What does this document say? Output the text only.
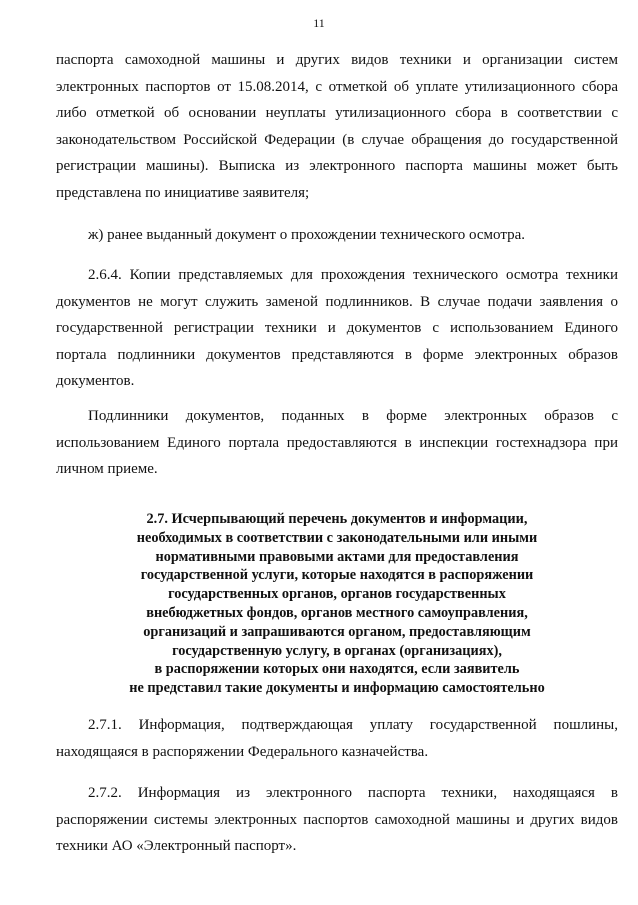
11
паспорта самоходной машины и других видов техники и организации систем
электронных паспортов от 15.08.2014, с отметкой об уплате утилизационного сбора
либо отметкой об основании неуплаты утилизационного сбора в соответствии с
законодательством Российской Федерации (в случае обращения до государственной
регистрации машины). Выписка из электронного паспорта машины может быть
представлена по инициативе заявителя;
ж) ранее выданный документ о прохождении технического осмотра.
2.6.4. Копии представляемых для прохождения технического осмотра техники
документов не могут служить заменой подлинников. В случае подачи заявления о
государственной регистрации техники и документов с использованием Единого
портала подлинники документов представляются в форме электронных образов
документов.
Подлинники документов, поданных в форме электронных образов с
использованием Единого портала предоставляются в инспекции гостехнадзора при
личном приеме.
2.7. Исчерпывающий перечень документов и информации,
необходимых в соответствии с законодательными или иными
нормативными правовыми актами для предоставления
государственной услуги, которые находятся в распоряжении
государственных органов, органов государственных
внебюджетных фондов, органов местного самоуправления,
организаций и запрашиваются органом, предоставляющим
государственную услугу, в органах (организациях),
в распоряжении которых они находятся, если заявитель
не представил такие документы и информацию самостоятельно
2.7.1. Информация, подтверждающая уплату государственной пошлины,
находящаяся в распоряжении Федерального казначейства.
2.7.2. Информация из электронного паспорта техники, находящаяся в
распоряжении системы электронных паспортов самоходной машины и других видов
техники АО «Электронный паспорт».
